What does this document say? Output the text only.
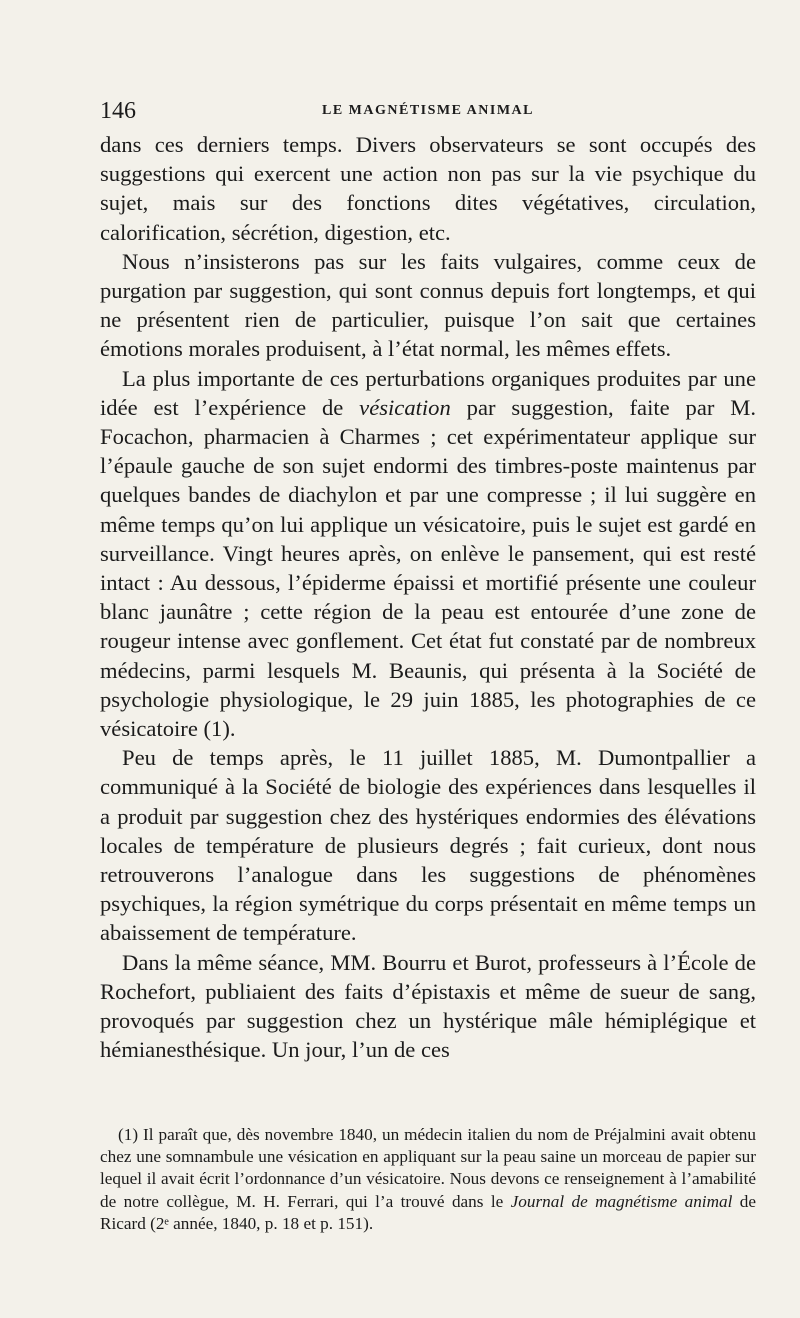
146	LE MAGNÉTISME ANIMAL

dans ces derniers temps. Divers observateurs se sont occupés des suggestions qui exercent une action non pas sur la vie psychique du sujet, mais sur des fonctions dites végétatives, circulation, calorification, sécrétion, digestion, etc.

Nous n’insisterons pas sur les faits vulgaires, comme ceux de purgation par suggestion, qui sont connus depuis fort longtemps, et qui ne présentent rien de particulier, puisque l’on sait que certaines émotions morales produisent, à l’état normal, les mêmes effets.

La plus importante de ces perturbations organiques produites par une idée est l’expérience de vésication par suggestion, faite par M. Focachon, pharmacien à Charmes ; cet expérimentateur applique sur l’épaule gauche de son sujet endormi des timbres-poste maintenus par quelques bandes de diachylon et par une compresse ; il lui suggère en même temps qu’on lui applique un vésicatoire, puis le sujet est gardé en surveillance. Vingt heures après, on enlève le pansement, qui est resté intact : Au dessous, l’épiderme épaissi et mortifié présente une couleur blanc jaunâtre ; cette région de la peau est entourée d’une zone de rougeur intense avec gonflement. Cet état fut constaté par de nombreux médecins, parmi lesquels M. Beaunis, qui présenta à la Société de psychologie physiologique, le 29 juin 1885, les photographies de ce vésicatoire (1).

Peu de temps après, le 11 juillet 1885, M. Dumontpallier a communiqué à la Société de biologie des expériences dans lesquelles il a produit par suggestion chez des hystériques endormies des élévations locales de température de plusieurs degrés ; fait curieux, dont nous retrouverons l’analogue dans les suggestions de phénomènes psychiques, la région symétrique du corps présentait en même temps un abaissement de température.

Dans la même séance, MM. Bourru et Burot, professeurs à l’École de Rochefort, publiaient des faits d’épistaxis et même de sueur de sang, provoqués par suggestion chez un hystérique mâle hémiplégique et hémianesthésique. Un jour, l’un de ces

(1) Il paraît que, dès novembre 1840, un médecin italien du nom de Préjalmini avait obtenu chez une somnambule une vésication en appliquant sur la peau saine un morceau de papier sur lequel il avait écrit l’ordonnance d’un vésicatoire. Nous devons ce renseignement à l’amabilité de notre collègue, M. H. Ferrari, qui l’a trouvé dans le Journal de magnétisme animal de Ricard (2ᵉ année, 1840, p. 18 et p. 151).
